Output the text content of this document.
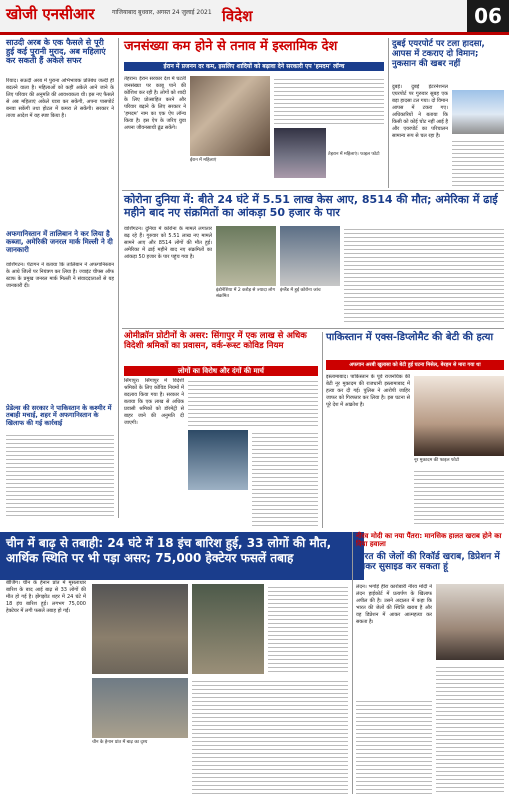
खोजी एनसीआर	गाजियाबाद बुधवार, अगस्त 24 जुलाई 2021 विदेश	06
साउदी अरब के एक फैसले से पूरी हुई कई पुरानी मुराद, अब महिलाएं कर सकती हैं अकेले सफर
रियाद। सऊदी अरब में पुराना अभिभावक प्रतिबंध जल्दी ही बदलने वाला है। महिलाओं को कहीं अकेले आने जाने के लिए परिवार की अनुमति की आवश्यकता थी। इस नए फैसले से अब महिलाएं अकेले यात्रा कर सकेंगी, अपना पासपोर्ट बनवा सकेंगी तथा होटल में कमरा ले सकेंगी। सरकार ने ताजा आदेश में यह स्पष्ट किया है।
अफगानिस्तान में तालिबान ने कर लिया है कब्जा, अमेरिकी जनरल मार्क मिल्ली ने दी जानकारी
वाशिंगटन। पेंटागन ने बताया कि तालिबान ने अफगानिस्तान के आधे जिलों पर नियंत्रण कर लिया है। ज्वाइंट चीफ्स ऑफ स्टाफ के प्रमुख जनरल मार्क मिल्ली ने संवाददाताओं से यह जानकारी दी।
प्रेडेल्स की सरकार ने पाकिस्तान के कश्मीर में तबाही मचाई, शहर में अफगानिस्तान के खिलाफ की गई कार्रवाई
जनसंख्या कम होने से तनाव में इस्लामिक देश
ईरान में प्रजनन दर कम, इसलिए शादियों को बढ़ावा देने सरकारी एप 'हमदम' लॉन्च
तेहरान। ईरान सरकार देश में घटती जनसंख्या पर काबू पाने की कोशिश कर रही है। लोगों को शादी के लिए प्रोत्साहित करने और परिवार बढ़ाने के लिए सरकार ने 'हमदम' नाम का एक ऐप लॉन्च किया है। इस ऐप के जरिए युवा अपना जीवनसाथी ढूंढ सकेंगे।
ईरान में महिलाएं
तेहरान में महिलाएं। फाइल फोटो
दुबई एयरपोर्ट पर टला हादसा, आपस में टकराए दो विमान; नुकसान की खबर नहीं
दुबई। दुबई इंटरनेशनल एयरपोर्ट पर गुरुवार सुबह एक बड़ा हादसा टल गया। दो विमान आपस में टकरा गए। अधिकारियों ने बताया कि किसी को कोई चोट नहीं आई है और एयरपोर्ट का परिचालन सामान्य रूप से चल रहा है।
कोरोना दुनिया में: बीते 24 घंटे में 5.51 लाख केस आए, 8514 की मौत; अमेरिका में ढाई महीने बाद नए संक्रमितों का आंकड़ा 50 हजार के पार
वाशिंगटन। दुनिया में कोरोना के मामले लगातार बढ़ रहे हैं। गुरुवार को 5.51 लाख नए मामले सामने आए और 8514 लोगों की मौत हुई। अमेरिका में ढाई महीने बाद नए संक्रमितों का आंकड़ा 50 हजार के पार पहुंच गया है।
इंडोनेशिया में 2 करोड़ से ज्यादा लोग संक्रमित
इंग्लैंड में हुई कोरोना जांच
ओमीक्रॉन प्रोटीनों के असर: सिंगापुर में एक लाख से अधिक विदेशी श्रमिकों का प्रवासन, वर्क-रूस्ट कोविड नियम
लोगों का विरोध और दंगों की मार्च
सिंगापुर। सिंगापुर में विदेशी श्रमिकों के लिए कोविड नियमों में बदलाव किया गया है। सरकार ने बताया कि एक लाख से अधिक प्रवासी श्रमिकों को डॉरमेट्री से बाहर जाने की अनुमति दी जाएगी।
पाकिस्तान में एक्स-डिप्लोमैट की बेटी की हत्या
अफगान अरबी खुलासा को बेटी हुई घटना मिसेल, बेरहम से मारा गया था
इस्लामाबाद। पाकिस्तान के पूर्व राजनयिक की बेटी नूर मुकादम की राजधानी इस्लामाबाद में हत्या कर दी गई। पुलिस ने आरोपी जाहिर जाफर को गिरफ्तार कर लिया है। इस घटना से पूरे देश में आक्रोश है।
नूर मुकादम की फाइल फोटो
चीन में बाढ़ से तबाही: 24 घंटे में 18 इंच बारिश हुई, 33 लोगों की मौत, आर्थिक स्थिति पर भी पड़ा असर; 75,000 हेक्टेयर फसलें तबाह
बीजिंग। चीन के हेनान प्रांत में मूसलाधार बारिश के बाद आई बाढ़ से 33 लोगों की मौत हो गई है। झेंगझोउ शहर में 24 घंटे में 18 इंच बारिश हुई। लगभग 75,000 हेक्टेयर में लगी फसलें तबाह हो गईं।
चीन के हेनान प्रांत में बाढ़ का दृश्य
नीरव मोदी का नया पैंतरा: मानसिक हालत खराब होने का दिया हवाला
भारत की जेलों की रिकॉर्ड खराब, डिप्रेशन में आकर सुसाइड कर सकता हूं
लंदन। भगोड़े हीरा कारोबारी नीरव मोदी ने लंदन हाईकोर्ट में प्रत्यर्पण के खिलाफ अपील की है। उसने अदालत में कहा कि भारत की जेलों की स्थिति खराब है और वह डिप्रेशन में आकर आत्महत्या कर सकता है।
